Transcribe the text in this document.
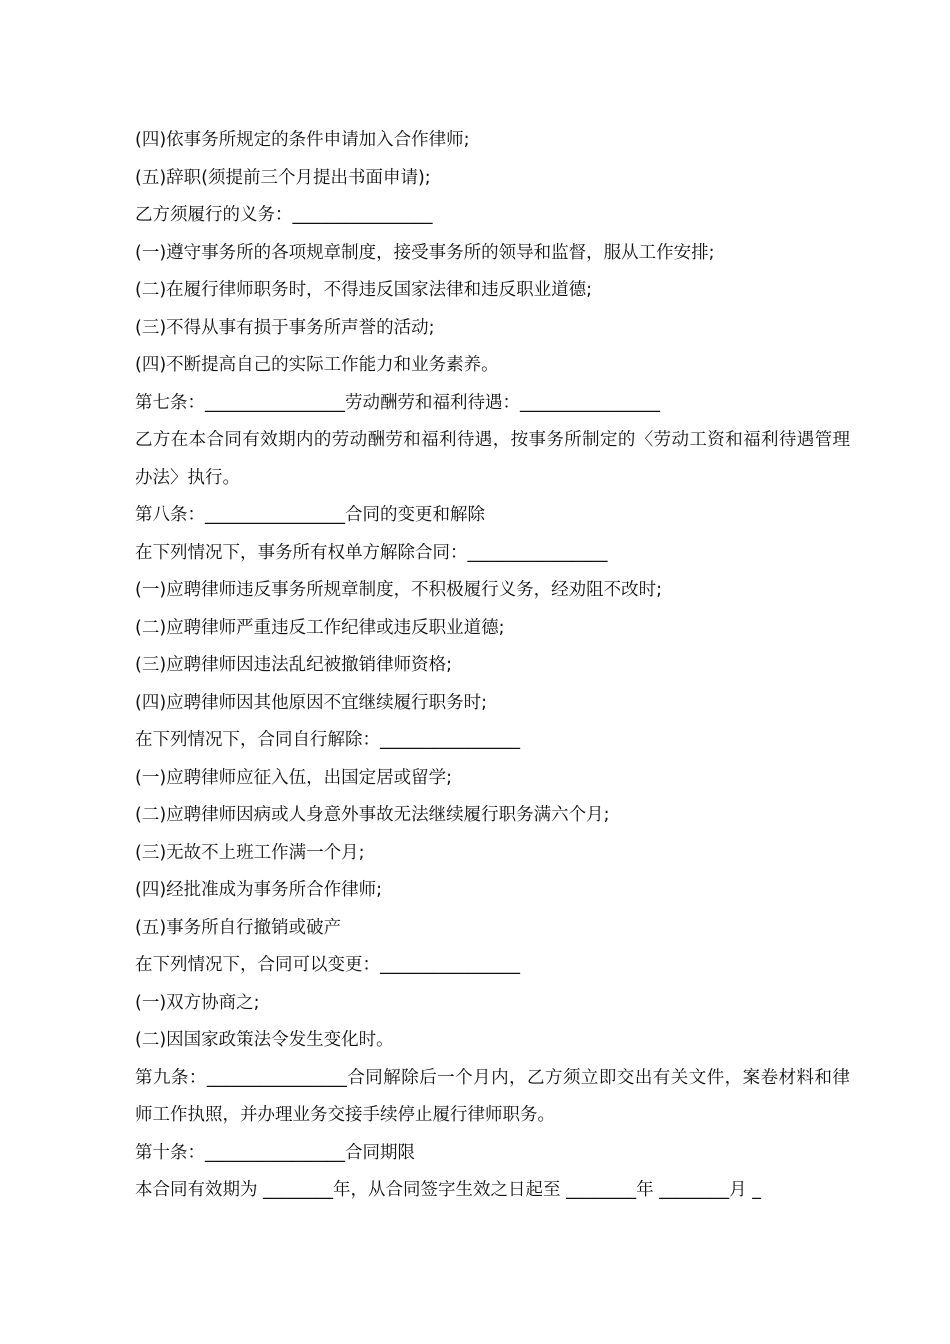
(四)依事务所规定的条件申请加入合作律师;
(五)辞职(须提前三个月提出书面申请);
乙方须履行的义务：________________
(一)遵守事务所的各项规章制度，接受事务所的领导和监督，服从工作安排;
(二)在履行律师职务时，不得违反国家法律和违反职业道德;
(三)不得从事有损于事务所声誉的活动;
(四)不断提高自己的实际工作能力和业务素养。
第七条：________________劳动酬劳和福利待遇：________________
乙方在本合同有效期内的劳动酬劳和福利待遇，按事务所制定的〈劳动工资和福利待遇管理办法〉执行。
第八条：________________合同的变更和解除
在下列情况下，事务所有权单方解除合同：________________
(一)应聘律师违反事务所规章制度，不积极履行义务，经劝阻不改时;
(二)应聘律师严重违反工作纪律或违反职业道德;
(三)应聘律师因违法乱纪被撤销律师资格;
(四)应聘律师因其他原因不宜继续履行职务时;
在下列情况下，合同自行解除：________________
(一)应聘律师应征入伍，出国定居或留学;
(二)应聘律师因病或人身意外事故无法继续履行职务满六个月;
(三)无故不上班工作满一个月;
(四)经批准成为事务所合作律师;
(五)事务所自行撤销或破产
在下列情况下，合同可以变更：________________
(一)双方协商之;
(二)因国家政策法令发生变化时。
第九条：________________合同解除后一个月内，乙方须立即交出有关文件，案卷材料和律师工作执照，并办理业务交接手续停止履行律师职务。
第十条：________________合同期限
本合同有效期为 ________年，从合同签字生效之日起至 ________年 ________月 _
